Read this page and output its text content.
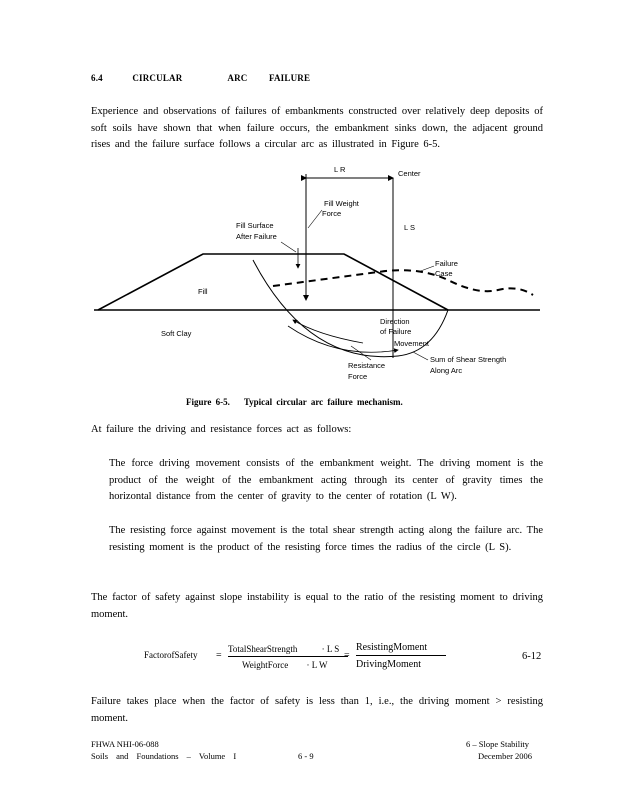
6.4	CIRCULAR	ARC FAILURE
Experience and observations of failures of embankments constructed over relatively deep deposits of soft soils have shown that when failure occurs, the embankment sinks down, the adjacent ground rises and the failure surface follows a circular arc as illustrated in Figure 6-5.
L R	Center
Fill Weight
Force
Fill Surface
After Failure
L S
Failure
Case
Fill
Soft Clay
Direction
of Failure
Movement
Resistance
Force
Sum of Shear Strength
Along Arc
Figure 6-5. Typical circular arc failure mechanism.
At failure the driving and resistance forces act as follows:
The force driving movement consists of the embankment weight. The driving moment is the product of the weight of the embankment acting through its center of gravity times the horizontal distance from the center of gravity to the center of rotation (L W).
The resisting force against movement is the total shear strength acting along the failure arc. The resisting moment is the product of the resisting force times the radius of the circle (L S).
The factor of safety against slope instability is equal to the ratio of the resisting moment to driving moment.
FactorofSafety =
TotalShearStrength	· L S
WeightForce · L W
=
ResistingMoment
DrivingMoment
6-12
Failure takes place when the factor of safety is less than 1, i.e., the driving moment > resisting moment.
FHWA NHI-06-088
Soils and Foundations – Volume I	6 - 9
6 – Slope Stability
December 2006
